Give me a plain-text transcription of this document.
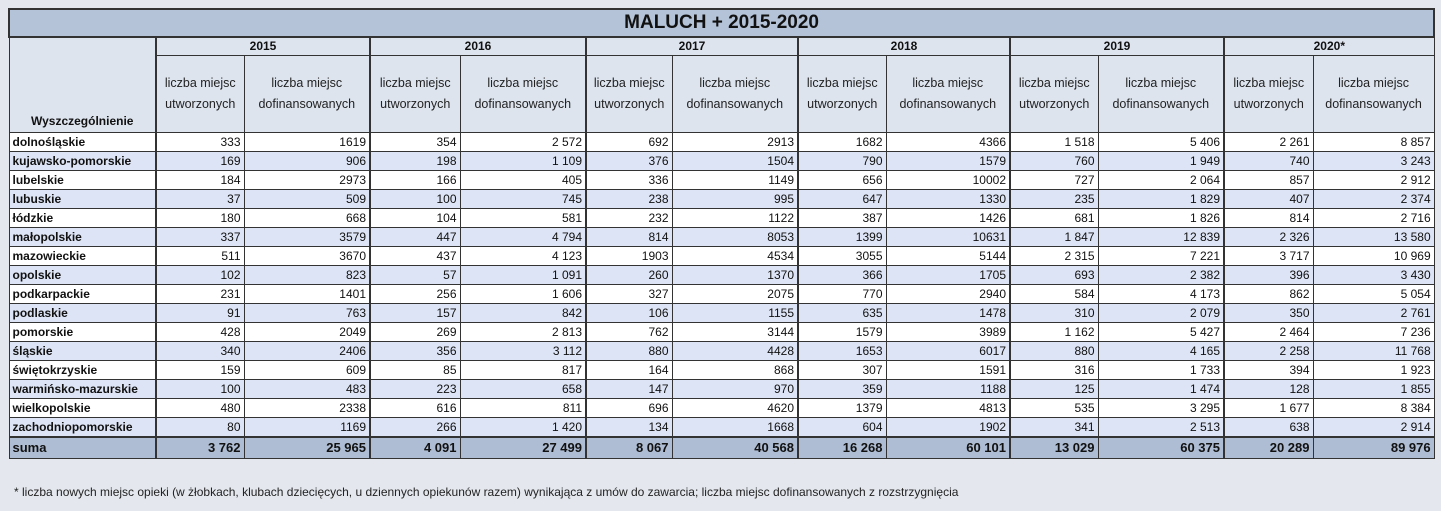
MALUCH + 2015-2020												
Wyszczególnienie	2015		2016		2017		2018		2019		2020*	
	liczba miejsc utworzonych	liczba miejsc dofinansowanych	liczba miejsc utworzonych	liczba miejsc dofinansowanych	liczba miejsc utworzonych	liczba miejsc dofinansowanych	liczba miejsc utworzonych	liczba miejsc dofinansowanych	liczba miejsc utworzonych	liczba miejsc dofinansowanych	liczba miejsc utworzonych	liczba miejsc dofinansowanych
dolnośląskie	333	1619	354	2 572	692	2913	1682	4366	1 518	5 406	2 261	8 857
kujawsko-pomorskie	169	906	198	1 109	376	1504	790	1579	760	1 949	740	3 243
lubelskie	184	2973	166	405	336	1149	656	10002	727	2 064	857	2 912
lubuskie	37	509	100	745	238	995	647	1330	235	1 829	407	2 374
łódzkie	180	668	104	581	232	1122	387	1426	681	1 826	814	2 716
małopolskie	337	3579	447	4 794	814	8053	1399	10631	1 847	12 839	2 326	13 580
mazowieckie	511	3670	437	4 123	1903	4534	3055	5144	2 315	7 221	3 717	10 969
opolskie	102	823	57	1 091	260	1370	366	1705	693	2 382	396	3 430
podkarpackie	231	1401	256	1 606	327	2075	770	2940	584	4 173	862	5 054
podlaskie	91	763	157	842	106	1155	635	1478	310	2 079	350	2 761
pomorskie	428	2049	269	2 813	762	3144	1579	3989	1 162	5 427	2 464	7 236
śląskie	340	2406	356	3 112	880	4428	1653	6017	880	4 165	2 258	11 768
świętokrzyskie	159	609	85	817	164	868	307	1591	316	1 733	394	1 923
warmińsko-mazurskie	100	483	223	658	147	970	359	1188	125	1 474	128	1 855
wielkopolskie	480	2338	616	811	696	4620	1379	4813	535	3 295	1 677	8 384
zachodniopomorskie	80	1169	266	1 420	134	1668	604	1902	341	2 513	638	2 914
suma	3 762	25 965	4 091	27 499	8 067	40 568	16 268	60 101	13 029	60 375	20 289	89 976
* liczba nowych miejsc opieki (w żłobkach, klubach dziecięcych, u dziennych opiekunów razem) wynikająca z umów do zawarcia; liczba miejsc dofinansowanych z rozstrzygnięcia
